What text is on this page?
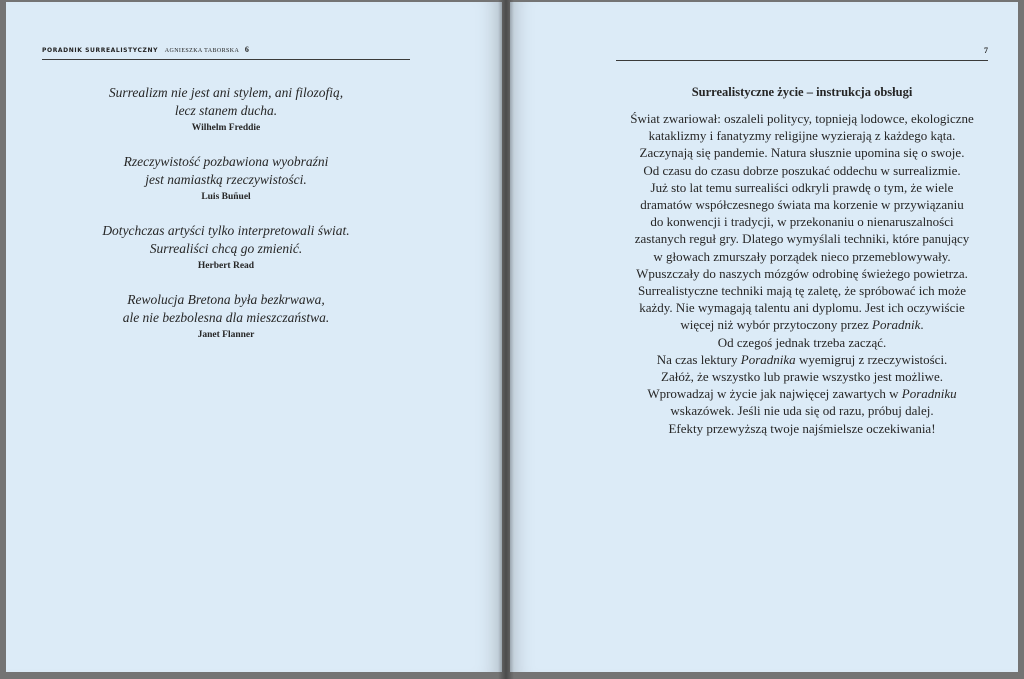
PORADNIK SURREALISTYCZNY AGNIESZKA TABORSKA 6
Surrealizm nie jest ani stylem, ani filozofią,
lecz stanem ducha.
Wilhelm Freddie
Rzeczywistość pozbawiona wyobraźni
jest namiastką rzeczywistości.
Luis Buñuel
Dotychczas artyści tylko interpretowali świat.
Surrealiści chcą go zmienić.
Herbert Read
Rewolucja Bretona była bezkrwawa,
ale nie bezbolesna dla mieszczaństwa.
Janet Flanner
7
Surrealistyczne życie – instrukcja obsługi
Świat zwariował: oszaleli politycy, topnieją lodowce, ekologiczne
kataklizmy i fanatyzmy religijne wyzierają z każdego kąta.
Zaczynają się pandemie. Natura słusznie upomina się o swoje.
Od czasu do czasu dobrze poszukać oddechu w surrealizmie.
Już sto lat temu surrealiści odkryli prawdę o tym, że wiele
dramatów współczesnego świata ma korzenie w przywiązaniu
do konwencji i tradycji, w przekonaniu o nienaruszalności
zastanych reguł gry. Dlatego wymyślali techniki, które panujący
w głowach zmurszały porządek nieco przemeblowywały.
Wpuszczały do naszych mózgów odrobinę świeżego powietrza.
Surrealistyczne techniki mają tę zaletę, że spróbować ich może
każdy. Nie wymagają talentu ani dyplomu. Jest ich oczywiście
więcej niż wybór przytoczony przez Poradnik.
Od czegoś jednak trzeba zacząć.
Na czas lektury Poradnika wyemigruj z rzeczywistości.
Załóż, że wszystko lub prawie wszystko jest możliwe.
Wprowadzaj w życie jak najwięcej zawartych w Poradniku
wskazówek. Jeśli nie uda się od razu, próbuj dalej.
Efekty przewyższą twoje najśmielsze oczekiwania!
